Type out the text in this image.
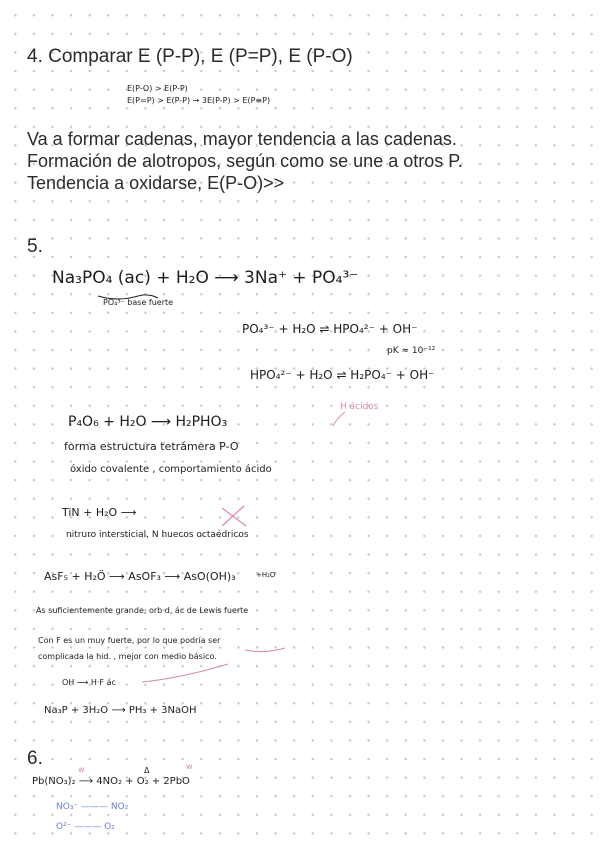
4. Comparar E (P-P), E (P=P), E (P-O)
E(P-O) > E(P-P)
E(P=P) > E(P-P) → 3E(P-P) > E(P≡P)
Va a formar cadenas, mayor tendencia a las cadenas.
Formación de alotropos, según como se une a otros P.
Tendencia a oxidarse, E(P-O)>>
5.
Na₃PO₄ (ac) + H₂O ⟶ 3Na⁺ + PO₄³⁻
PO₄³⁻ base fuerte
PO₄³⁻ + H₂O ⇌ HPO₄²⁻ + OH⁻
pK ≈ 10⁻¹²
HPO₄²⁻ + H₂O ⇌ H₂PO₄⁻ + OH⁻
P₄O₆ + H₂O ⟶ H₂PHO₃
H ácidos
forma estructura tetrámera P-O
óxido covalente , comportamiento ácido
TiN + H₂O ⟶
nitruro intersticial, N huecos octaédricos
AsF₅ + H₂Ö ⟶ AsOF₃ ⟶ AsO(OH)₃	+H₂O
As suficientemente grande, orb d, ác de Lewis fuerte
Con F es un muy fuerte, por lo que podría ser
complicada la hid. , mejor con medio básico.
OH ⟶ H·F ác
Na₃P + 3H₂O ⟶ PH₃ + 3NaOH
6.
Pb(NO₃)₂ ⟶ 4NO₂ + O₂ + 2PbO
Δ
w	w
NO₃⁻ ——— NO₂
O²⁻ ——— O₂
